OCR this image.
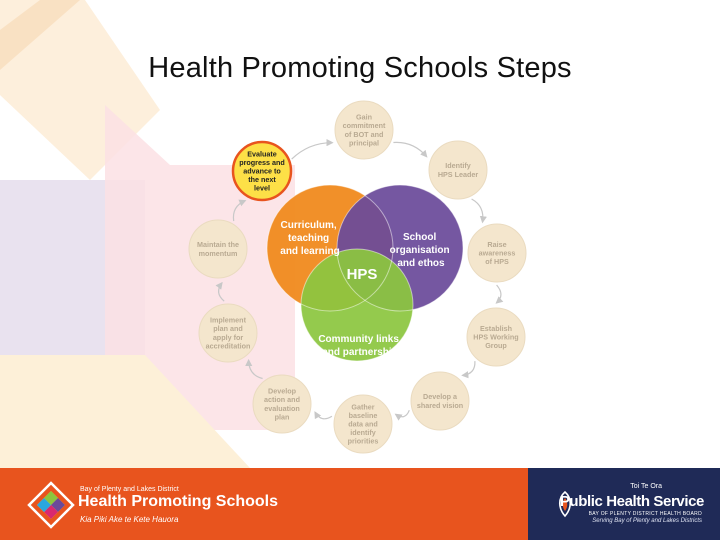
Health Promoting Schools Steps
Gain commitment of BOT and principal
Identify HPS Leader
Raise awareness of HPS
Establish HPS Working Group
Develop a shared vision
Gather baseline data and identify priorities
Develop action and evaluation plan
Implement plan and apply for accreditation
Maintain the momentum
Evaluate progress and advance to the next level
Curriculum, teaching and learning
School organisation and ethos
Community links and partnership
HPS
Bay of Plenty and Lakes District
Health Promoting Schools
Kia Piki Ake te Kete Hauora
Toi Te Ora
Public Health Service
BAY OF PLENTY DISTRICT HEALTH BOARD
Serving Bay of Plenty and Lakes Districts
